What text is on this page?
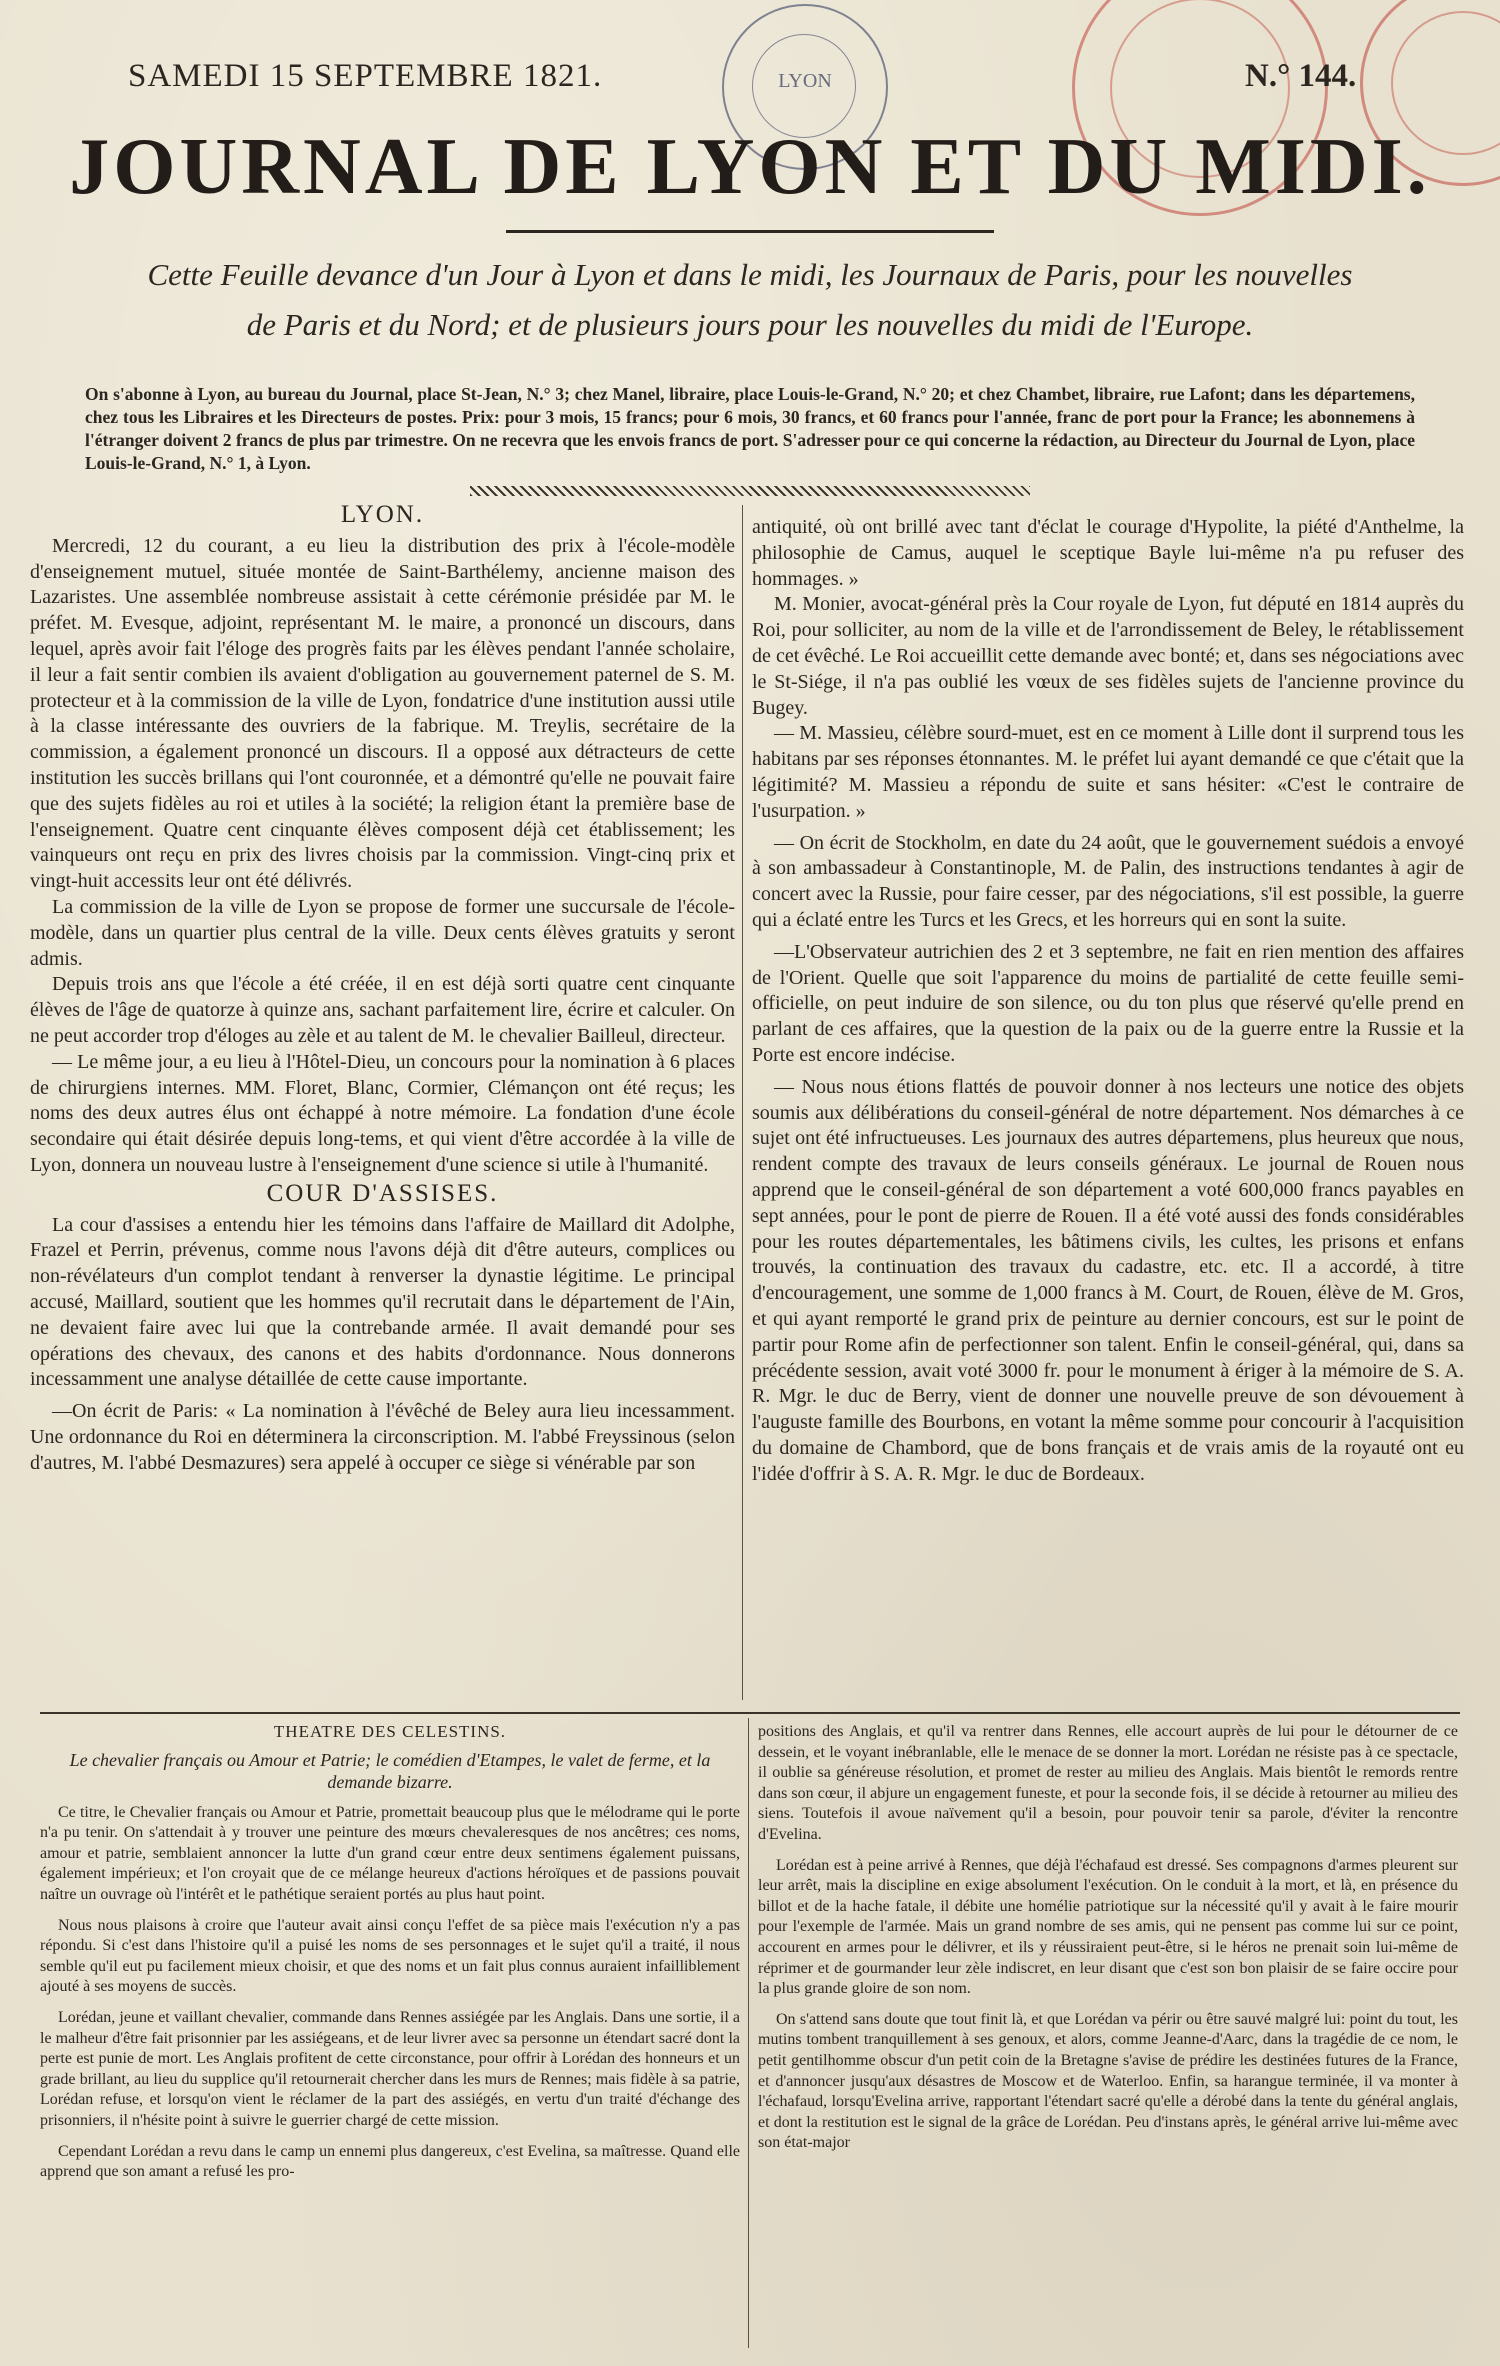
LYON
SAMEDI 15 SEPTEMBRE 1821.	N.° 144.
JOURNAL DE LYON ET DU MIDI.
Cette Feuille devance d'un Jour à Lyon et dans le midi, les Journaux de Paris, pour les nouvelles
de Paris et du Nord; et de plusieurs jours pour les nouvelles du midi de l'Europe.
On s'abonne à Lyon, au bureau du Journal, place St-Jean, N.° 3; chez Manel, libraire, place Louis-le-Grand, N.° 20; et chez Chambet, libraire, rue Lafont; dans les départemens, chez tous les Libraires et les Directeurs de postes. Prix: pour 3 mois, 15 francs; pour 6 mois, 30 francs, et 60 francs pour l'année, franc de port pour la France; les abonnemens à l'étranger doivent 2 francs de plus par trimestre. On ne recevra que les envois francs de port. S'adresser pour ce qui concerne la rédaction, au Directeur du Journal de Lyon, place Louis-le-Grand, N.° 1, à Lyon.
LYON.

Mercredi, 12 du courant, a eu lieu la distribution des prix à l'école-modèle d'enseignement mutuel, située montée de Saint-Barthélemy, ancienne maison des Lazaristes. Une assemblée nombreuse assistait à cette cérémonie présidée par M. le préfet. M. Evesque, adjoint, représentant M. le maire, a prononcé un discours, dans lequel, après avoir fait l'éloge des progrès faits par les élèves pendant l'année scholaire, il leur a fait sentir combien ils avaient d'obligation au gouvernement paternel de S. M. protecteur et à la commission de la ville de Lyon, fondatrice d'une institution aussi utile à la classe intéressante des ouvriers de la fabrique. M. Treylis, secrétaire de la commission, a également prononcé un discours. Il a opposé aux détracteurs de cette institution les succès brillans qui l'ont couronnée, et a démontré qu'elle ne pouvait faire que des sujets fidèles au roi et utiles à la société; la religion étant la première base de l'enseignement. Quatre cent cinquante élèves composent déjà cet établissement; les vainqueurs ont reçu en prix des livres choisis par la commission. Vingt-cinq prix et vingt-huit accessits leur ont été délivrés.

La commission de la ville de Lyon se propose de former une succursale de l'école-modèle, dans un quartier plus central de la ville. Deux cents élèves gratuits y seront admis.

Depuis trois ans que l'école a été créée, il en est déjà sorti quatre cent cinquante élèves de l'âge de quatorze à quinze ans, sachant parfaitement lire, écrire et calculer. On ne peut accorder trop d'éloges au zèle et au talent de M. le chevalier Bailleul, directeur.

— Le même jour, a eu lieu à l'Hôtel-Dieu, un concours pour la nomination à 6 places de chirurgiens internes. MM. Floret, Blanc, Cormier, Clémançon ont été reçus; les noms des deux autres élus ont échappé à notre mémoire. La fondation d'une école secondaire qui était désirée depuis long-tems, et qui vient d'être accordée à la ville de Lyon, donnera un nouveau lustre à l'enseignement d'une science si utile à l'humanité.

COUR D'ASSISES.

La cour d'assises a entendu hier les témoins dans l'affaire de Maillard dit Adolphe, Frazel et Perrin, prévenus, comme nous l'avons déjà dit d'être auteurs, complices ou non-révélateurs d'un complot tendant à renverser la dynastie légitime. Le principal accusé, Maillard, soutient que les hommes qu'il recrutait dans le département de l'Ain, ne devaient faire avec lui que la contrebande armée. Il avait demandé pour ses opérations des chevaux, des canons et des habits d'ordonnance. Nous donnerons incessamment une analyse détaillée de cette cause importante.

—On écrit de Paris: « La nomination à l'évêché de Beley aura lieu incessamment. Une ordonnance du Roi en déterminera la circonscription. M. l'abbé Freyssinous (selon d'autres, M. l'abbé Desmazures) sera appelé à occuper ce siège si vénérable par son

antiquité, où ont brillé avec tant d'éclat le courage d'Hypolite, la piété d'Anthelme, la philosophie de Camus, auquel le sceptique Bayle lui-même n'a pu refuser des hommages. »

M. Monier, avocat-général près la Cour royale de Lyon, fut député en 1814 auprès du Roi, pour solliciter, au nom de la ville et de l'arrondissement de Beley, le rétablissement de cet évêché. Le Roi accueillit cette demande avec bonté; et, dans ses négociations avec le St-Siége, il n'a pas oublié les vœux de ses fidèles sujets de l'ancienne province du Bugey.

— M. Massieu, célèbre sourd-muet, est en ce moment à Lille dont il surprend tous les habitans par ses réponses étonnantes. M. le préfet lui ayant demandé ce que c'était que la légitimité? M. Massieu a répondu de suite et sans hésiter: «C'est le contraire de l'usurpation. »

— On écrit de Stockholm, en date du 24 août, que le gouvernement suédois a envoyé à son ambassadeur à Constantinople, M. de Palin, des instructions tendantes à agir de concert avec la Russie, pour faire cesser, par des négociations, s'il est possible, la guerre qui a éclaté entre les Turcs et les Grecs, et les horreurs qui en sont la suite.

—L'Observateur autrichien des 2 et 3 septembre, ne fait en rien mention des affaires de l'Orient. Quelle que soit l'apparence du moins de partialité de cette feuille semi-officielle, on peut induire de son silence, ou du ton plus que réservé qu'elle prend en parlant de ces affaires, que la question de la paix ou de la guerre entre la Russie et la Porte est encore indécise.

— Nous nous étions flattés de pouvoir donner à nos lecteurs une notice des objets soumis aux délibérations du conseil-général de notre département. Nos démarches à ce sujet ont été infructueuses. Les journaux des autres départemens, plus heureux que nous, rendent compte des travaux de leurs conseils généraux. Le journal de Rouen nous apprend que le conseil-général de son département a voté 600,000 francs payables en sept années, pour le pont de pierre de Rouen. Il a été voté aussi des fonds considérables pour les routes départementales, les bâtimens civils, les cultes, les prisons et enfans trouvés, la continuation des travaux du cadastre, etc. etc. Il a accordé, à titre d'encouragement, une somme de 1,000 francs à M. Court, de Rouen, élève de M. Gros, et qui ayant remporté le grand prix de peinture au dernier concours, est sur le point de partir pour Rome afin de perfectionner son talent. Enfin le conseil-général, qui, dans sa précédente session, avait voté 3000 fr. pour le monument à ériger à la mémoire de S. A. R. Mgr. le duc de Berry, vient de donner une nouvelle preuve de son dévouement à l'auguste famille des Bourbons, en votant la même somme pour concourir à l'acquisition du domaine de Chambord, que de bons français et de vrais amis de la royauté ont eu l'idée d'offrir à S. A. R. Mgr. le duc de Bordeaux.

THEATRE DES CELESTINS.
Le chevalier français ou Amour et Patrie; le comédien d'Etampes, le valet de ferme, et la demande bizarre.

Ce titre, le Chevalier français ou Amour et Patrie, promettait beaucoup plus que le mélodrame qui le porte n'a pu tenir. On s'attendait à y trouver une peinture des mœurs chevaleresques de nos ancêtres; ces noms, amour et patrie, semblaient annoncer la lutte d'un grand cœur entre deux sentimens également puissans, également impérieux; et l'on croyait que de ce mélange heureux d'actions héroïques et de passions pouvait naître un ouvrage où l'intérêt et le pathétique seraient portés au plus haut point.

Nous nous plaisons à croire que l'auteur avait ainsi conçu l'effet de sa pièce mais l'exécution n'y a pas répondu. Si c'est dans l'histoire qu'il a puisé les noms de ses personnages et le sujet qu'il a traité, il nous semble qu'il eut pu facilement mieux choisir, et que des noms et un fait plus connus auraient infailliblement ajouté à ses moyens de succès.

Lorédan, jeune et vaillant chevalier, commande dans Rennes assiégée par les Anglais. Dans une sortie, il a le malheur d'être fait prisonnier par les assiégeans, et de leur livrer avec sa personne un étendart sacré dont la perte est punie de mort. Les Anglais profitent de cette circonstance, pour offrir à Lorédan des honneurs et un grade brillant, au lieu du supplice qu'il retournerait chercher dans les murs de Rennes; mais fidèle à sa patrie, Lorédan refuse, et lorsqu'on vient le réclamer de la part des assiégés, en vertu d'un traité d'échange des prisonniers, il n'hésite point à suivre le guerrier chargé de cette mission.

Cependant Lorédan a revu dans le camp un ennemi plus dangereux, c'est Evelina, sa maîtresse. Quand elle apprend que son amant a refusé les pro-

positions des Anglais, et qu'il va rentrer dans Rennes, elle accourt auprès de lui pour le détourner de ce dessein, et le voyant inébranlable, elle le menace de se donner la mort. Lorédan ne résiste pas à ce spectacle, il oublie sa généreuse résolution, et promet de rester au milieu des Anglais. Mais bientôt le remords rentre dans son cœur, il abjure un engagement funeste, et pour la seconde fois, il se décide à retourner au milieu des siens. Toutefois il avoue naïvement qu'il a besoin, pour pouvoir tenir sa parole, d'éviter la rencontre d'Evelina.

Lorédan est à peine arrivé à Rennes, que déjà l'échafaud est dressé. Ses compagnons d'armes pleurent sur leur arrêt, mais la discipline en exige absolument l'exécution. On le conduit à la mort, et là, en présence du billot et de la hache fatale, il débite une homélie patriotique sur la nécessité qu'il y avait à le faire mourir pour l'exemple de l'armée. Mais un grand nombre de ses amis, qui ne pensent pas comme lui sur ce point, accourent en armes pour le délivrer, et ils y réussiraient peut-être, si le héros ne prenait soin lui-même de réprimer et de gourmander leur zèle indiscret, en leur disant que c'est son bon plaisir de se faire occire pour la plus grande gloire de son nom.

On s'attend sans doute que tout finit là, et que Lorédan va périr ou être sauvé malgré lui: point du tout, les mutins tombent tranquillement à ses genoux, et alors, comme Jeanne-d'Aarc, dans la tragédie de ce nom, le petit gentilhomme obscur d'un petit coin de la Bretagne s'avise de prédire les destinées futures de la France, et d'annoncer jusqu'aux désastres de Moscow et de Waterloo. Enfin, sa harangue terminée, il va monter à l'échafaud, lorsqu'Evelina arrive, rapportant l'étendart sacré qu'elle a dérobé dans la tente du général anglais, et dont la restitution est le signal de la grâce de Lorédan. Peu d'instans après, le général arrive lui-même avec son état-major
